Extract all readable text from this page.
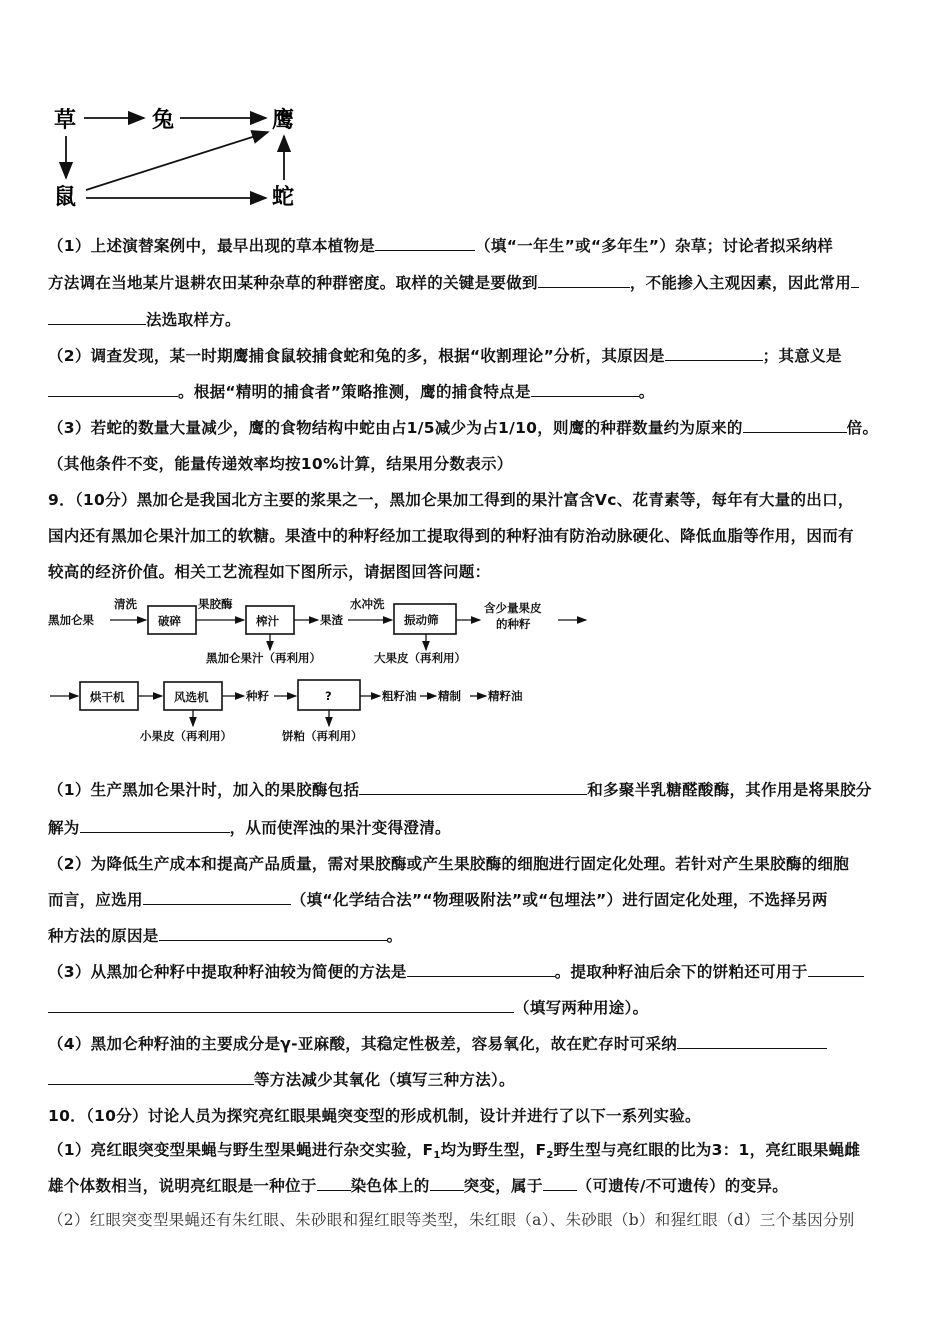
草	兔	鹰
鼠	蛇
（1）上述演替案例中，最早出现的草本植物是	（填“一年生”或“多年生”）杂草；讨论者拟采纳样
方法调在当地某片退耕农田某种杂草的种群密度。取样的关键是要做到	，不能掺入主观因素，因此常用
法选取样方。
（2）调查发现，某一时期鹰捕食鼠较捕食蛇和兔的多，根据“收割理论”分析，其原因是	；其意义是
。根据“精明的捕食者”策略推测，鹰的捕食特点是	。
（3）若蛇的数量大量减少，鹰的食物结构中蛇由占1/5减少为占1/10，则鹰的种群数量约为原来的	倍。
（其他条件不变，能量传递效率均按10%计算，结果用分数表示）
9．（10分）黑加仑是我国北方主要的浆果之一，黑加仑果加工得到的果汁富含Vc、花青素等，每年有大量的出口，
国内还有黑加仑果汁加工的软糖。果渣中的种籽经加工提取得到的种籽油有防治动脉硬化、降低血脂等作用，因而有
较高的经济价值。相关工艺流程如下图所示，请据图回答问题：
黑加仑果
清洗
破碎
果胶酶
榨汁	果渣
水冲洗
振动筛
含少量果皮
的种籽
黑加仑果汁（再利用）	大果皮（再利用）
烘干机	风选机	种籽	?	粗籽油 精制 精籽油
小果皮（再利用）	饼粕（再利用）
（1）生产黑加仑果汁时，加入的果胶酶包括	和多聚半乳糖醛酸酶，其作用是将果胶分
解为	，从而使浑浊的果汁变得澄清。
（2）为降低生产成本和提高产品质量，需对果胶酶或产生果胶酶的细胞进行固定化处理。若针对产生果胶酶的细胞
而言，应选用	（填“化学结合法”“物理吸附法”或“包埋法”）进行固定化处理，不选择另两
种方法的原因是	。
（3）从黑加仑种籽中提取种籽油较为简便的方法是	。提取种籽油后余下的饼粕还可用于
（填写两种用途）。
（4）黑加仑种籽油的主要成分是γ-亚麻酸，其稳定性极差，容易氧化，故在贮存时可采纳
等方法减少其氧化（填写三种方法）。
10．（10分）讨论人员为探究亮红眼果蝇突变型的形成机制，设计并进行了以下一系列实验。
（1）亮红眼突变型果蝇与野生型果蝇进行杂交实验，$F_1$均为野生型，$F_2$野生型与亮红眼的比为3：1，亮红眼果蝇雌
雄个体数相当，说明亮红眼是一种位于 染色体上的 突变，属于 （可遗传/不可遗传）的变异。
（2）红眼突变型果蝇还有朱红眼、朱砂眼和猩红眼等类型，朱红眼（a）、朱砂眼（b）和猩红眼（d）三个基因分别
